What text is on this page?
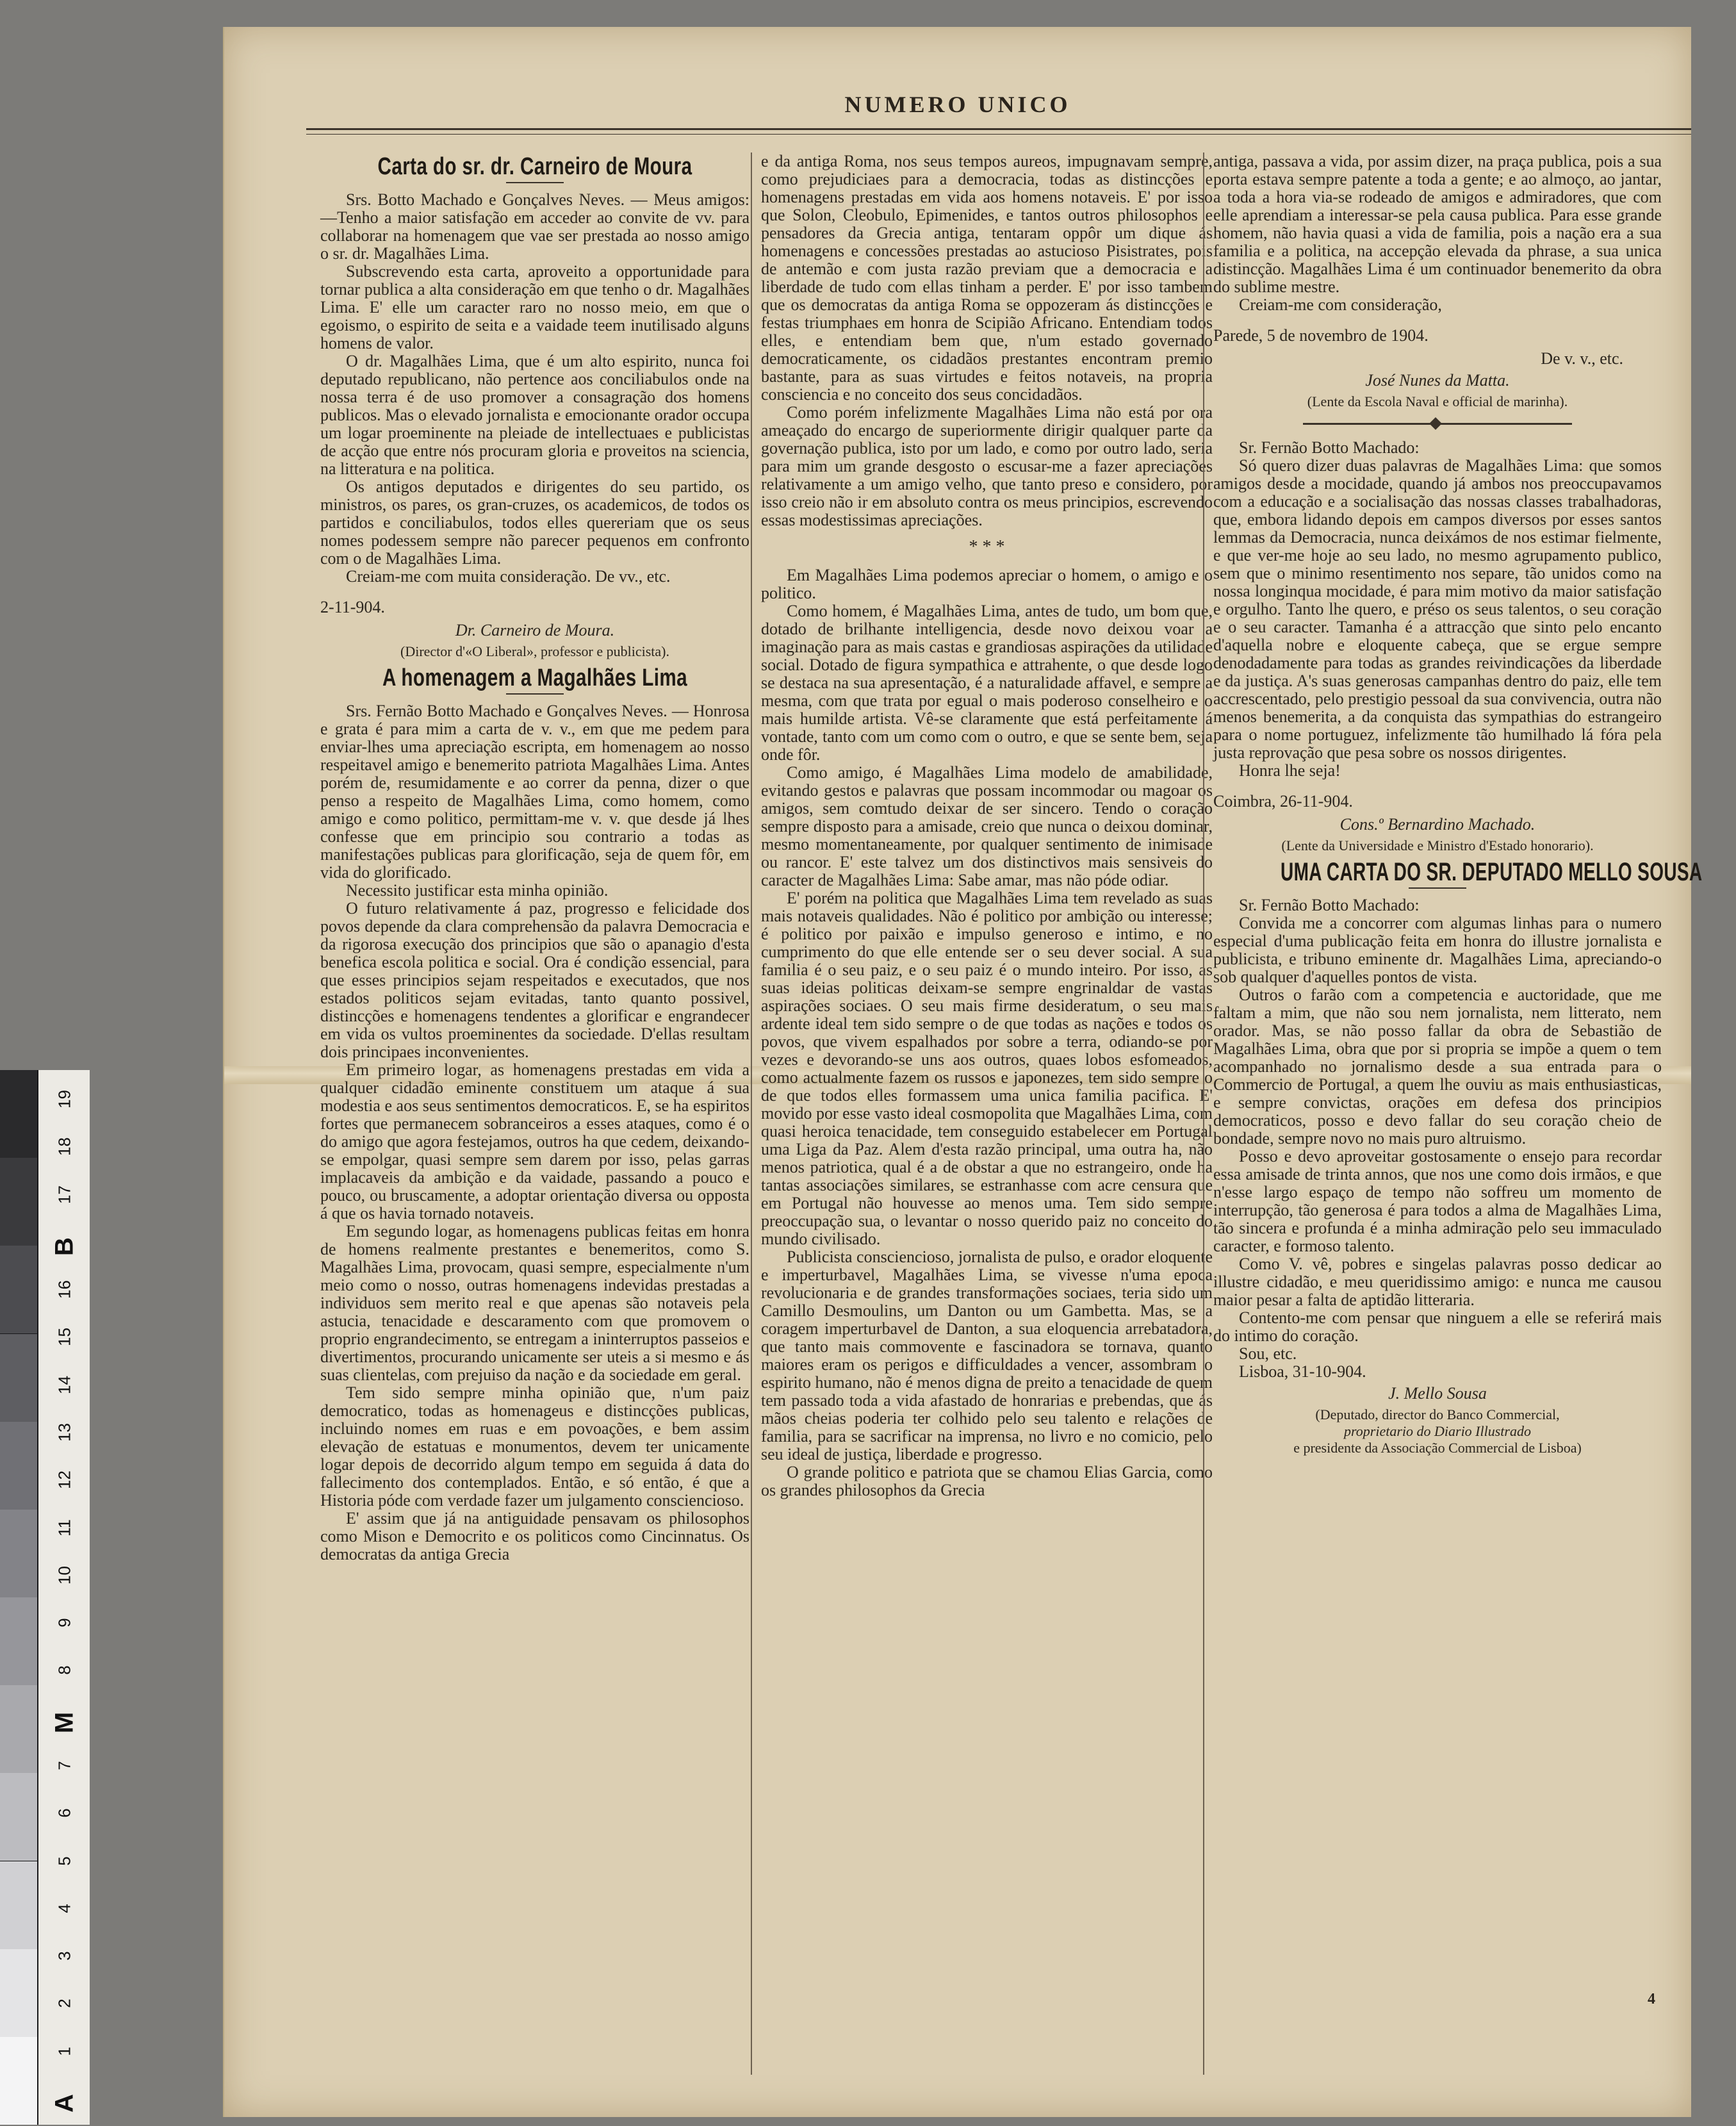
NUMERO UNICO
Carta do sr. dr. Carneiro de Moura

Srs. Botto Machado e Gonçalves Neves. — Meus amigos:—Tenho a maior satisfação em acceder ao convite de vv. para collaborar na homenagem que vae ser prestada ao nosso amigo o sr. dr. Magalhães Lima.

Subscrevendo esta carta, aproveito a opportunidade para tornar publica a alta consideração em que tenho o dr. Magalhães Lima. E' elle um caracter raro no nosso meio, em que o egoismo, o espirito de seita e a vaidade teem inutilisado alguns homens de valor.

O dr. Magalhães Lima, que é um alto espirito, nunca foi deputado republicano, não pertence aos conciliabulos onde na nossa terra é de uso promover a consagração dos homens publicos. Mas o elevado jornalista e emocionante orador occupa um logar proeminente na pleiade de intellectuaes e publicistas de acção que entre nós procuram gloria e proveitos na sciencia, na litteratura e na politica.

Os antigos deputados e dirigentes do seu partido, os ministros, os pares, os gran-cruzes, os academicos, de todos os partidos e conciliabulos, todos elles quereriam que os seus nomes podessem sempre não parecer pequenos em confronto com o de Magalhães Lima.

Creiam-me com muita consideração. De vv., etc.

2-11-904.

Dr. Carneiro de Moura.
(Director d'«O Liberal», professor e publicista).
A homenagem a Magalhães Lima

Srs. Fernão Botto Machado e Gonçalves Neves. — Honrosa e grata é para mim a carta de v. v., em que me pedem para enviar-lhes uma apreciação escripta, em homenagem ao nosso respeitavel amigo e benemerito patriota Magalhães Lima. Antes porém de, resumidamente e ao correr da penna, dizer o que penso a respeito de Magalhães Lima, como homem, como amigo e como politico, permittam-me v. v. que desde já lhes confesse que em principio sou contrario a todas as manifestações publicas para glorificação, seja de quem fôr, em vida do glorificado.

Necessito justificar esta minha opinião.

O futuro relativamente á paz, progresso e felicidade dos povos depende da clara comprehensão da palavra Democracia e da rigorosa execução dos principios que são o apanagio d'esta benefica escola politica e social. Ora é condição essencial, para que esses principios sejam respeitados e executados, que nos estados politicos sejam evitadas, tanto quanto possivel, distincções e homenagens tendentes a glorificar e engrandecer em vida os vultos proeminentes da sociedade. D'ellas resultam dois principaes inconvenientes.

Em primeiro logar, as homenagens prestadas em vida a qualquer cidadão eminente constituem um ataque á sua modestia e aos seus sentimentos democraticos. E, se ha espiritos fortes que permanecem sobranceiros a esses ataques, como é o do amigo que agora festejamos, outros ha que cedem, deixando-se empolgar, quasi sempre sem darem por isso, pelas garras implacaveis da ambição e da vaidade, passando a pouco e pouco, ou bruscamente, a adoptar orientação diversa ou opposta á que os havia tornado notaveis.

Em segundo logar, as homenagens publicas feitas em honra de homens realmente prestantes e benemeritos, como S. Magalhães Lima, provocam, quasi sempre, especialmente n'um meio como o nosso, outras homenagens indevidas prestadas a individuos sem merito real e que apenas são notaveis pela astucia, tenacidade e descaramento com que promovem o proprio engrandecimento, se entregam a ininterruptos passeios e divertimentos, procurando unicamente ser uteis a si mesmo e ás suas clientelas, com prejuiso da nação e da sociedade em geral.

Tem sido sempre minha opinião que, n'um paiz democratico, todas as homenageus e distincções publicas, incluindo nomes em ruas e em povoações, e bem assim elevação de estatuas e monumentos, devem ter unicamente logar depois de decorrido algum tempo em seguida á data do fallecimento dos contemplados. Então, e só então, é que a Historia póde com verdade fazer um julgamento consciencioso.

E' assim que já na antiguidade pensavam os philosophos como Mison e Democrito e os politicos como Cincinnatus. Os democratas da antiga Grecia

e da antiga Roma, nos seus tempos aureos, impugnavam sempre, como prejudiciaes para a democracia, todas as distincções e homenagens prestadas em vida aos homens notaveis. E' por isso que Solon, Cleobulo, Epimenides, e tantos outros philosophos e pensadores da Grecia antiga, tentaram oppôr um dique ás homenagens e concessões prestadas ao astucioso Pisistrates, pois de antemão e com justa razão previam que a democracia e a liberdade de tudo com ellas tinham a perder. E' por isso tambem que os democratas da antiga Roma se oppozeram ás distincções e festas triumphaes em honra de Scipião Africano. Entendiam todos elles, e entendiam bem que, n'um estado governado democraticamente, os cidadãos prestantes encontram premio bastante, para as suas virtudes e feitos notaveis, na propria consciencia e no conceito dos seus concidadãos.

Como porém infelizmente Magalhães Lima não está por ora ameaçado do encargo de superiormente dirigir qualquer parte da governação publica, isto por um lado, e como por outro lado, seria para mim um grande desgosto o escusar-me a fazer apreciações relativamente a um amigo velho, que tanto preso e considero, por isso creio não ir em absoluto contra os meus principios, escrevendo essas modestissimas apreciações.

* * *

Em Magalhães Lima podemos apreciar o homem, o amigo e o politico.

Como homem, é Magalhães Lima, antes de tudo, um bom que, dotado de brilhante intelligencia, desde novo deixou voar a imaginação para as mais castas e grandiosas aspirações da utilidade social. Dotado de figura sympathica e attrahente, o que desde logo se destaca na sua apresentação, é a naturalidade affavel, e sempre a mesma, com que trata por egual o mais poderoso conselheiro e o mais humilde artista. Vê-se claramente que está perfeitamente á vontade, tanto com um como com o outro, e que se sente bem, seja onde fôr.

Como amigo, é Magalhães Lima modelo de amabilidade, evitando gestos e palavras que possam incommodar ou magoar os amigos, sem comtudo deixar de ser sincero. Tendo o coração sempre disposto para a amisade, creio que nunca o deixou dominar, mesmo momentaneamente, por qualquer sentimento de inimisade ou rancor. E' este talvez um dos distinctivos mais sensiveis do caracter de Magalhães Lima: Sabe amar, mas não póde odiar.

E' porém na politica que Magalhães Lima tem revelado as suas mais notaveis qualidades. Não é politico por ambição ou interesse; é politico por paixão e impulso generoso e intimo, e no cumprimento do que elle entende ser o seu dever social. A sua familia é o seu paiz, e o seu paiz é o mundo inteiro. Por isso, as suas ideias politicas deixam-se sempre engrinaldar de vastas aspirações sociaes. O seu mais firme desideratum, o seu mais ardente ideal tem sido sempre o de que todas as nações e todos os povos, que vivem espalhados por sobre a terra, odiando-se por vezes e devorando-se uns aos outros, quaes lobos esfomeados, como actualmente fazem os russos e japonezes, tem sido sempre o de que todos elles formassem uma unica familia pacifica. E' movido por esse vasto ideal cosmopolita que Magalhães Lima, com quasi heroica tenacidade, tem conseguido estabelecer em Portugal uma Liga da Paz. Alem d'esta razão principal, uma outra ha, não menos patriotica, qual é a de obstar a que no estrangeiro, onde ha tantas associações similares, se estranhasse com acre censura que em Portugal não houvesse ao menos uma. Tem sido sempre preoccupação sua, o levantar o nosso querido paiz no conceito do mundo civilisado.

Publicista consciencioso, jornalista de pulso, e orador eloquente e imperturbavel, Magalhães Lima, se vivesse n'uma epoca revolucionaria e de grandes transformações sociaes, teria sido um Camillo Desmoulins, um Danton ou um Gambetta. Mas, se a coragem imperturbavel de Danton, a sua eloquencia arrebatadora, que tanto mais commovente e fascinadora se tornava, quanto maiores eram os perigos e difficuldades a vencer, assombram o espirito humano, não é menos digna de preito a tenacidade de quem tem passado toda a vida afastado de honrarias e prebendas, que ás mãos cheias poderia ter colhido pelo seu talento e relações de familia, para se sacrificar na imprensa, no livro e no comicio, pelo seu ideal de justiça, liberdade e progresso.

O grande politico e patriota que se chamou Elias Garcia, como os grandes philosophos da Grecia

antiga, passava a vida, por assim dizer, na praça publica, pois a sua porta estava sempre patente a toda a gente; e ao almoço, ao jantar, a toda a hora via-se rodeado de amigos e admiradores, que com elle aprendiam a interessar-se pela causa publica. Para esse grande homem, não havia quasi a vida de familia, pois a nação era a sua familia e a politica, na accepção elevada da phrase, a sua unica distincção. Magalhães Lima é um continuador benemerito da obra do sublime mestre.

Creiam-me com consideração,

Parede, 5 de novembro de 1904.

De v. v., etc.
José Nunes da Matta.
(Lente da Escola Naval e official de marinha).

Sr. Fernão Botto Machado:

Só quero dizer duas palavras de Magalhães Lima: que somos amigos desde a mocidade, quando já ambos nos preoccupavamos com a educação e a socialisação das nossas classes trabalhadoras, que, embora lidando depois em campos diversos por esses santos lemmas da Democracia, nunca deixámos de nos estimar fielmente, e que ver-me hoje ao seu lado, no mesmo agrupamento publico, sem que o minimo resentimento nos separe, tão unidos como na nossa longinqua mocidade, é para mim motivo da maior satisfação e orgulho. Tanto lhe quero, e préso os seus talentos, o seu coração e o seu caracter. Tamanha é a attracção que sinto pelo encanto d'aquella nobre e eloquente cabeça, que se ergue sempre denodadamente para todas as grandes reivindicações da liberdade e da justiça. A's suas generosas campanhas dentro do paiz, elle tem accrescentado, pelo prestigio pessoal da sua convivencia, outra não menos benemerita, a da conquista das sympathias do estrangeiro para o nome portuguez, infelizmente tão humilhado lá fóra pela justa reprovação que pesa sobre os nossos dirigentes.

Honra lhe seja!

Coimbra, 26-11-904.

Cons.º Bernardino Machado.
(Lente da Universidade e Ministro d'Estado honorario).
UMA CARTA DO SR. DEPUTADO MELLO SOUSA

Sr. Fernão Botto Machado:

Convida me a concorrer com algumas linhas para o numero especial d'uma publicação feita em honra do illustre jornalista e publicista, e tribuno eminente dr. Magalhães Lima, apreciando-o sob qualquer d'aquelles pontos de vista.

Outros o farão com a competencia e auctoridade, que me faltam a mim, que não sou nem jornalista, nem litterato, nem orador. Mas, se não posso fallar da obra de Sebastião de Magalhães Lima, obra que por si propria se impõe a quem o tem acompanhado no jornalismo desde a sua entrada para o Commercio de Portugal, a quem lhe ouviu as mais enthusiasticas, e sempre convictas, orações em defesa dos principios democraticos, posso e devo fallar do seu coração cheio de bondade, sempre novo no mais puro altruismo.

Posso e devo aproveitar gostosamente o ensejo para recordar essa amisade de trinta annos, que nos une como dois irmãos, e que n'esse largo espaço de tempo não soffreu um momento de interrupção, tão generosa é para todos a alma de Magalhães Lima, tão sincera e profunda é a minha admiração pelo seu immaculado caracter, e formoso talento.

Como V. vê, pobres e singelas palavras posso dedicar ao illustre cidadão, e meu queridissimo amigo: e nunca me causou maior pesar a falta de aptidão litteraria.

Contento-me com pensar que ninguem a elle se referirá mais do intimo do coração.

Sou, etc.

Lisboa, 31-10-904.

J. Mello Sousa
(Deputado, director do Banco Commercial,
proprietario do Diario Illustrado
e presidente da Associação Commercial de Lisboa)
4
19
18
17
B
16
15
14
13
12
11
10
9
8
M
7
6
5
4
3
2
1
A
